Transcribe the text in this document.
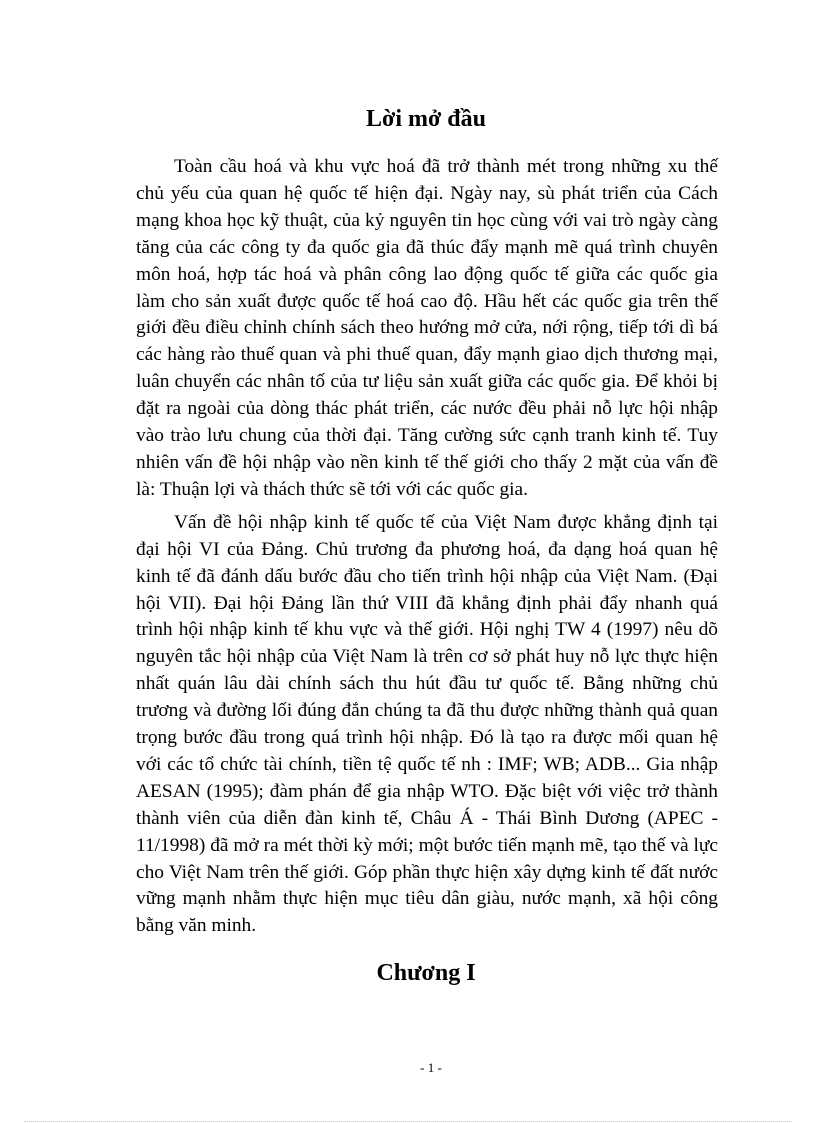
Lời mở đầu

Toàn cầu hoá và khu vực hoá đã trở thành mét trong những xu thế chủ yếu của quan hệ quốc tế hiện đại. Ngày nay, sù phát triển của Cách mạng khoa học kỹ thuật, của kỷ nguyên tin học cùng với vai trò ngày càng tăng của các công ty đa quốc gia đã thúc đẩy mạnh mẽ quá trình chuyên môn hoá, hợp tác hoá và phân công lao động quốc tế giữa các quốc gia làm cho sản xuất được quốc tế hoá cao độ. Hầu hết các quốc gia trên thế giới đều điều chỉnh chính sách theo hướng mở cửa, nới rộng, tiếp tới dì bá các hàng rào thuế quan và phi thuế quan, đẩy mạnh giao dịch thương mại, luân chuyển các nhân tố của tư liệu sản xuất giữa các quốc gia. Để khỏi bị đặt ra ngoài của dòng thác phát triển, các nước đều phải nỗ lực hội nhập vào trào lưu chung của thời đại. Tăng cường sức cạnh tranh kinh tế. Tuy nhiên vấn đề hội nhập vào nền kinh tế thế giới cho thấy 2 mặt của vấn đề là: Thuận lợi và thách thức sẽ tới với các quốc gia.

Vấn đề hội nhập kinh tế quốc tế của Việt Nam được khẳng định tại đại hội VI của Đảng. Chủ trương đa phương hoá, đa dạng hoá quan hệ kinh tế đã đánh dấu bước đầu cho tiến trình hội nhập của Việt Nam. (Đại hội VII). Đại hội Đảng lần thứ VIII đã khẳng định phải đẩy nhanh quá trình hội nhập kinh tế khu vực và thế giới. Hội nghị TW 4 (1997) nêu dõ nguyên tắc hội nhập của Việt Nam là trên cơ sở phát huy nỗ lực thực hiện nhất quán lâu dài chính sách thu hút đầu tư quốc tế. Bằng những chủ trương và đường lối đúng đắn chúng ta đã thu được những thành quả quan trọng bước đầu trong quá trình hội nhập. Đó là tạo ra được mối quan hệ với các tổ chức tài chính, tiền tệ quốc tế nh : IMF; WB; ADB... Gia nhập AESAN (1995); đàm phán để gia nhập WTO. Đặc biệt với việc trở thành thành viên của diễn đàn kinh tế, Châu Á - Thái Bình Dương (APEC - 11/1998) đã mở ra mét thời kỳ mới; một bước tiến mạnh mẽ, tạo thế và lực cho Việt Nam trên thế giới. Góp phần thực hiện xây dựng kinh tế đất nước vững mạnh nhằm thực hiện mục tiêu dân giàu, nước mạnh, xã hội công bằng văn minh.

Chương I
- 1 -
